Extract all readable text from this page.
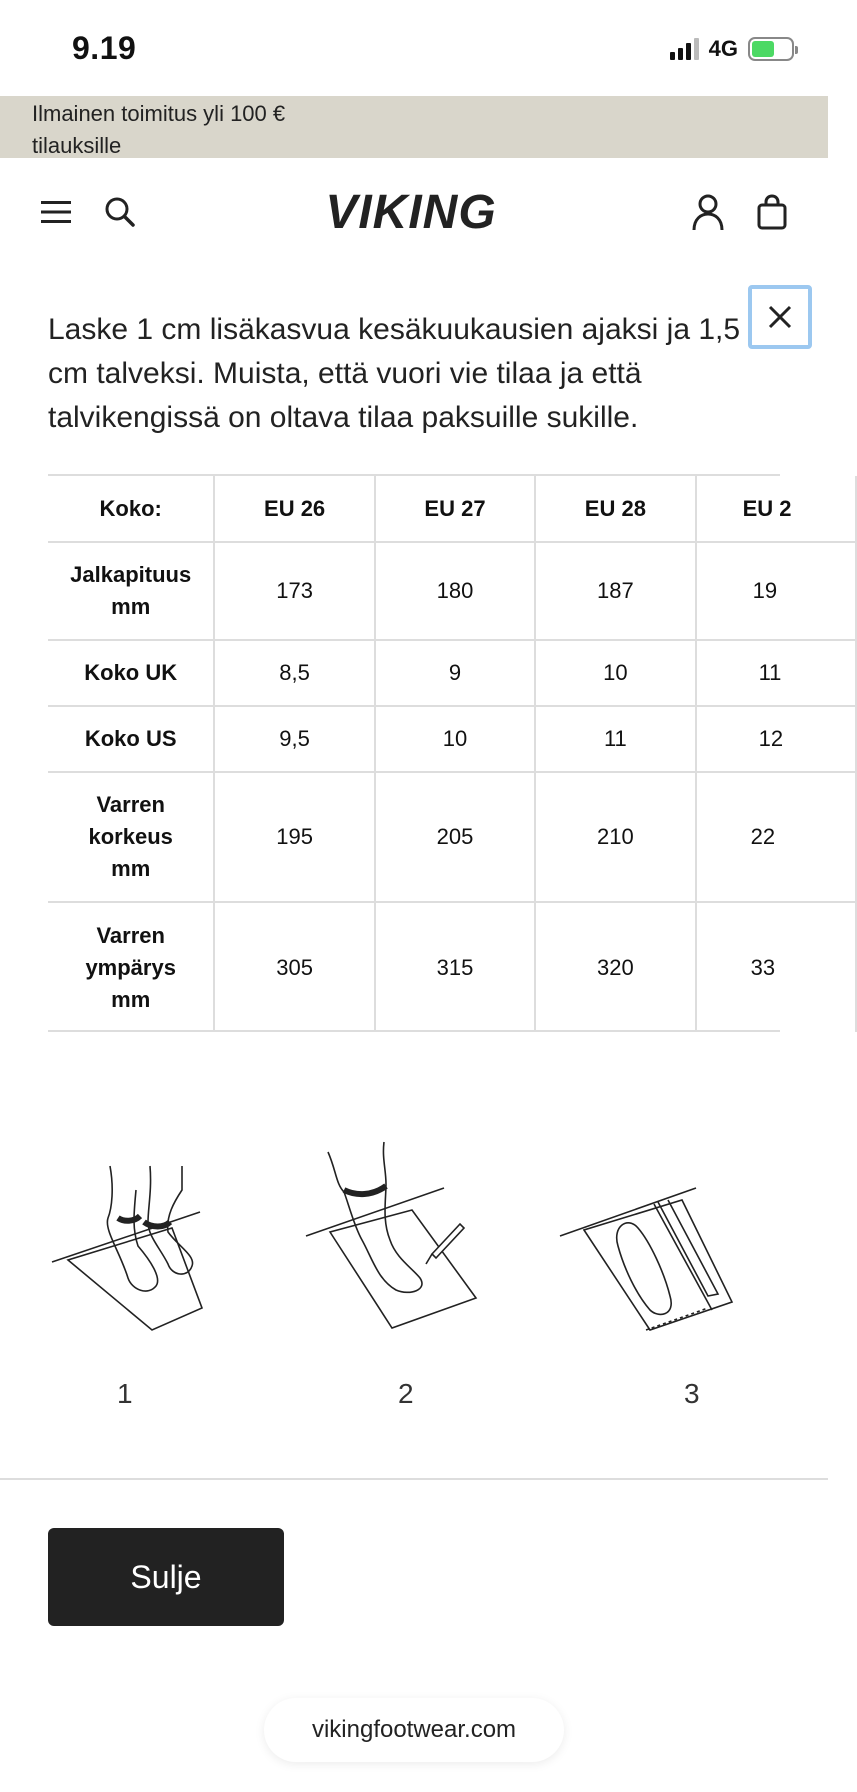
9.19	4G
Ilmainen toimitus yli 100 € tilauksille
VIKING
Laske 1 cm lisäkasvua kesäkuukausien ajaksi ja 1,5 cm talveksi. Muista, että vuori vie tilaa ja että talvikengissä on oltava tilaa paksuille sukille.
Koko:	EU 26	EU 27	EU 28	EU 2
Jalkapituus mm	173	180	187	19
Koko UK	8,5	9	10	11
Koko US	9,5	10	11	12
Varren korkeus mm	195	205	210	22
Varren ympärys mm	305	315	320	33
1	2	3
Sulje
vikingfootwear.com
